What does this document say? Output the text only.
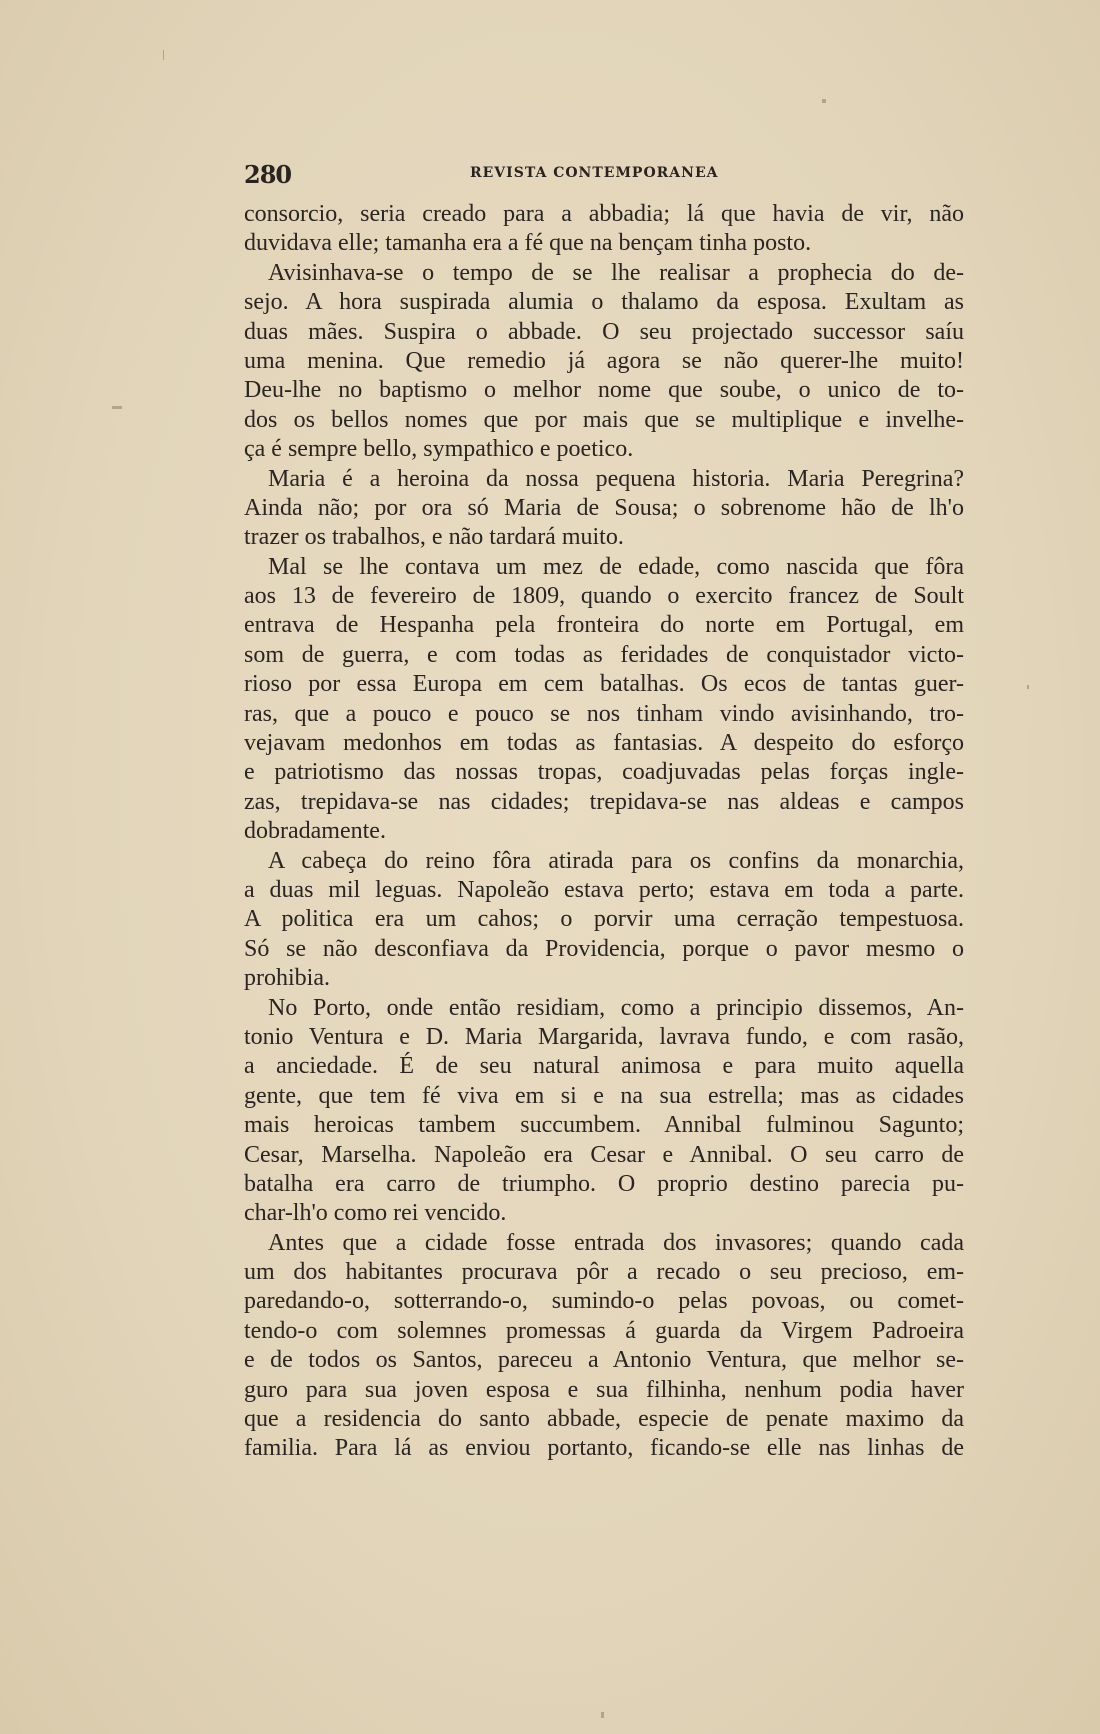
280	REVISTA CONTEMPORANEA
consorcio, seria creado para a abbadia; lá que havia de vir, não
duvidava elle; tamanha era a fé que na bençam tinha posto.
Avisinhava-se o tempo de se lhe realisar a prophecia do de-
sejo. A hora suspirada alumia o thalamo da esposa. Exultam as
duas mães. Suspira o abbade. O seu projectado successor saíu
uma menina. Que remedio já agora se não querer-lhe muito!
Deu-lhe no baptismo o melhor nome que soube, o unico de to-
dos os bellos nomes que por mais que se multiplique e invelhe-
ça é sempre bello, sympathico e poetico.
Maria é a heroina da nossa pequena historia. Maria Peregrina?
Ainda não; por ora só Maria de Sousa; o sobrenome hão de lh'o
trazer os trabalhos, e não tardará muito.
Mal se lhe contava um mez de edade, como nascida que fôra
aos 13 de fevereiro de 1809, quando o exercito francez de Soult
entrava de Hespanha pela fronteira do norte em Portugal, em
som de guerra, e com todas as feridades de conquistador victo-
rioso por essa Europa em cem batalhas. Os ecos de tantas guer-
ras, que a pouco e pouco se nos tinham vindo avisinhando, tro-
vejavam medonhos em todas as fantasias. A despeito do esforço
e patriotismo das nossas tropas, coadjuvadas pelas forças ingle-
zas, trepidava-se nas cidades; trepidava-se nas aldeas e campos
dobradamente.
A cabeça do reino fôra atirada para os confins da monarchia,
a duas mil leguas. Napoleão estava perto; estava em toda a parte.
A politica era um cahos; o porvir uma cerração tempestuosa.
Só se não desconfiava da Providencia, porque o pavor mesmo o
prohibia.
No Porto, onde então residiam, como a principio dissemos, An-
tonio Ventura e D. Maria Margarida, lavrava fundo, e com rasão,
a anciedade. É de seu natural animosa e para muito aquella
gente, que tem fé viva em si e na sua estrella; mas as cidades
mais heroicas tambem succumbem. Annibal fulminou Sagunto;
Cesar, Marselha. Napoleão era Cesar e Annibal. O seu carro de
batalha era carro de triumpho. O proprio destino parecia pu-
char-lh'o como rei vencido.
Antes que a cidade fosse entrada dos invasores; quando cada
um dos habitantes procurava pôr a recado o seu precioso, em-
paredando-o, sotterrando-o, sumindo-o pelas povoas, ou comet-
tendo-o com solemnes promessas á guarda da Virgem Padroeira
e de todos os Santos, pareceu a Antonio Ventura, que melhor se-
guro para sua joven esposa e sua filhinha, nenhum podia haver
que a residencia do santo abbade, especie de penate maximo da
familia. Para lá as enviou portanto, ficando-se elle nas linhas de
